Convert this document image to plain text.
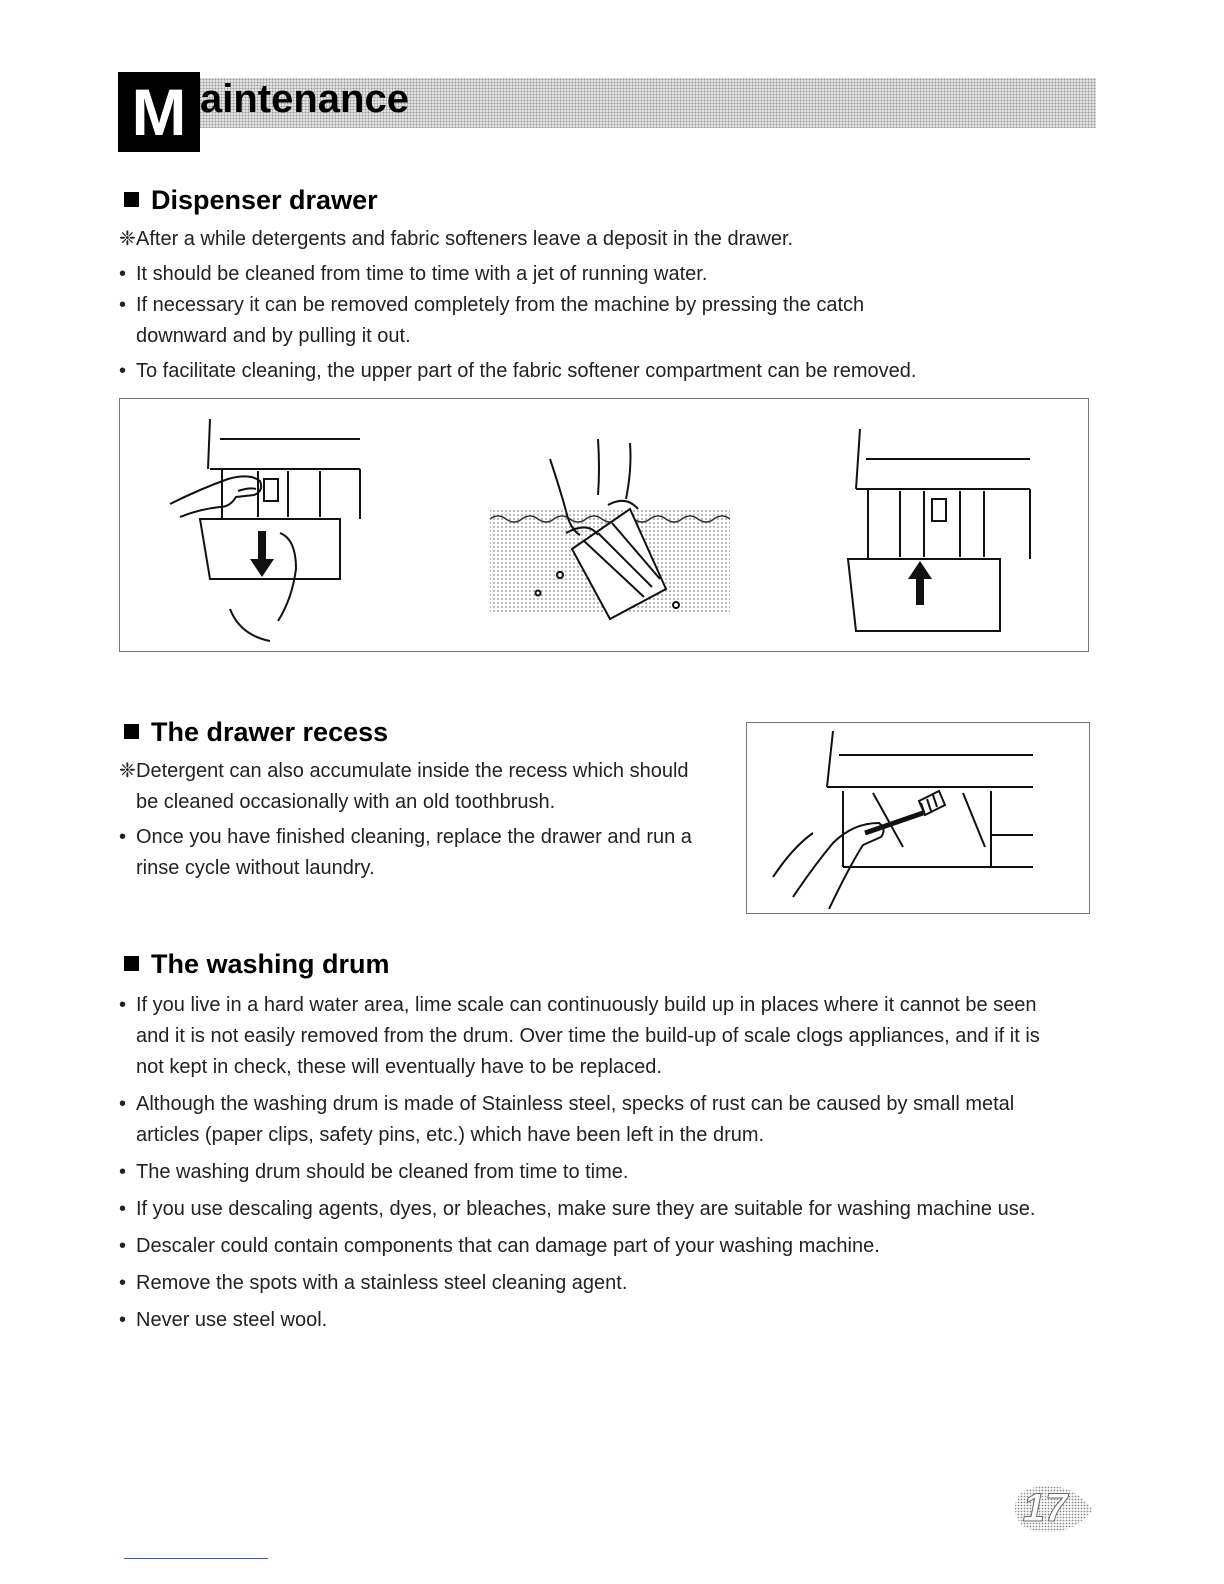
M aintenance
Dispenser drawer
❈After a while detergents and fabric softeners leave a deposit in the drawer.
• It should be cleaned from time to time with a jet of running water.
• If necessary it can be removed completely from the machine by pressing the catch
downward and by pulling it out.
• To facilitate cleaning, the upper part of the fabric softener compartment can be removed.
The drawer recess
❈Detergent can also accumulate inside the recess which should
be cleaned occasionally with an old toothbrush.
• Once you have finished cleaning, replace the drawer and run a
rinse cycle without laundry.
The washing drum
• If you live in a hard water area, lime scale can continuously build up in places where it cannot be seen
and it is not easily removed from the drum. Over time the build-up of scale clogs appliances, and if it is
not kept in check, these will eventually have to be replaced.
• Although the washing drum is made of Stainless steel, specks of rust can be caused by small metal
articles (paper clips, safety pins, etc.) which have been left in the drum.
• The washing drum should be cleaned from time to time.
• If you use descaling agents, dyes, or bleaches, make sure they are suitable for washing machine use.
• Descaler could contain components that can damage part of your washing machine.
• Remove the spots with a stainless steel cleaning agent.
• Never use steel wool.
17
